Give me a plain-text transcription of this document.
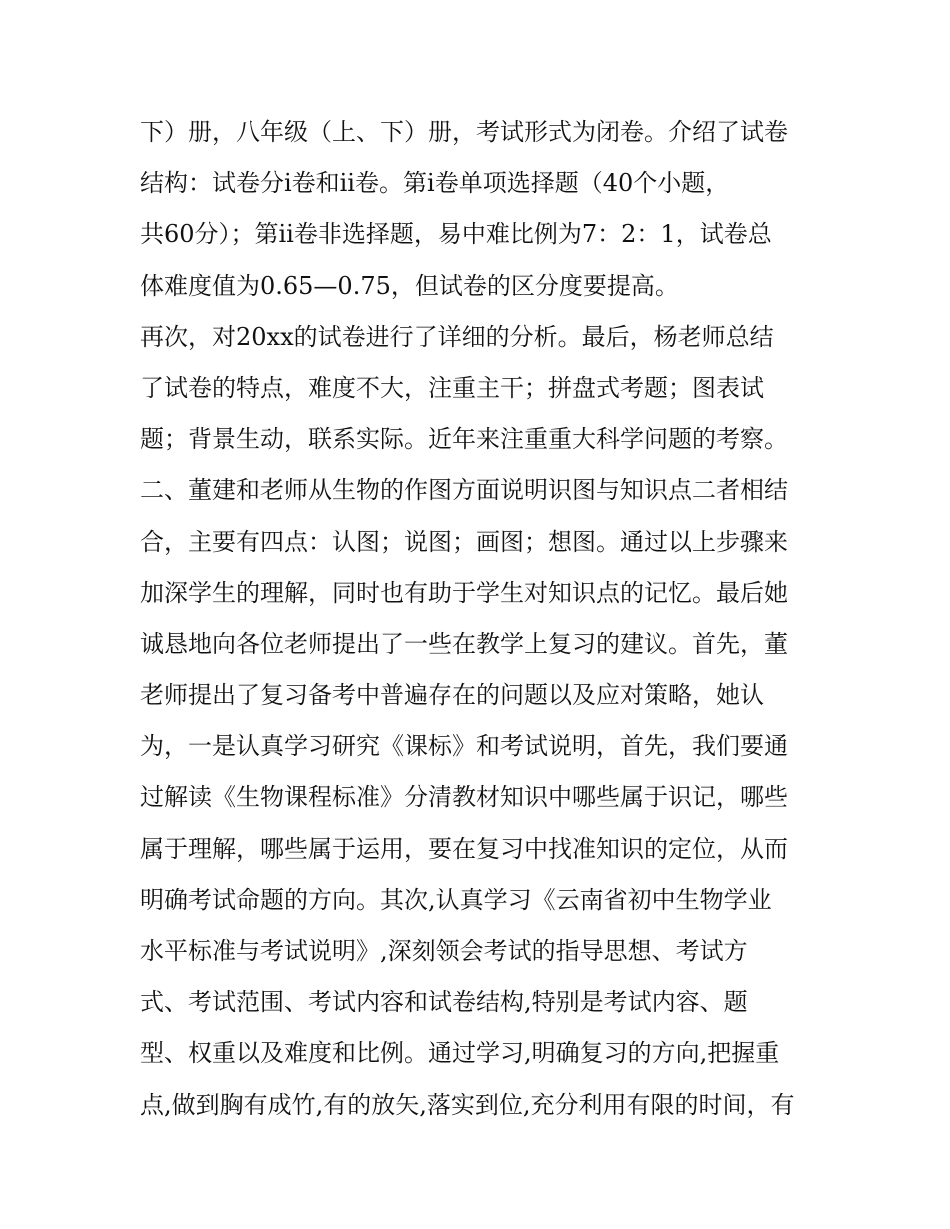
下）册，八年级（上、下）册，考试形式为闭卷。介绍了试卷
结构：试卷分ⅰ卷和ⅱ卷。第ⅰ卷单项选择题（40个小题，
共60分）；第ⅱ卷非选择题，易中难比例为7：2：1，试卷总
体难度值为0.65—0.75，但试卷的区分度要提高。
再次，对20xx的试卷进行了详细的分析。最后，杨老师总结
了试卷的特点，难度不大，注重主干；拼盘式考题；图表试
题；背景生动，联系实际。近年来注重重大科学问题的考察。
二、董建和老师从生物的作图方面说明识图与知识点二者相结
合，主要有四点：认图；说图；画图；想图。通过以上步骤来
加深学生的理解，同时也有助于学生对知识点的记忆。最后她
诚恳地向各位老师提出了一些在教学上复习的建议。首先，董
老师提出了复习备考中普遍存在的问题以及应对策略，她认
为，一是认真学习研究《课标》和考试说明，首先，我们要通
过解读《生物课程标准》分清教材知识中哪些属于识记，哪些
属于理解，哪些属于运用，要在复习中找准知识的定位，从而
明确考试命题的方向。其次,认真学习《云南省初中生物学业
水平标准与考试说明》,深刻领会考试的指导思想、考试方
式、考试范围、考试内容和试卷结构,特别是考试内容、题
型、权重以及难度和比例。通过学习,明确复习的方向,把握重
点,做到胸有成竹,有的放矢,落实到位,充分利用有限的时间，有
